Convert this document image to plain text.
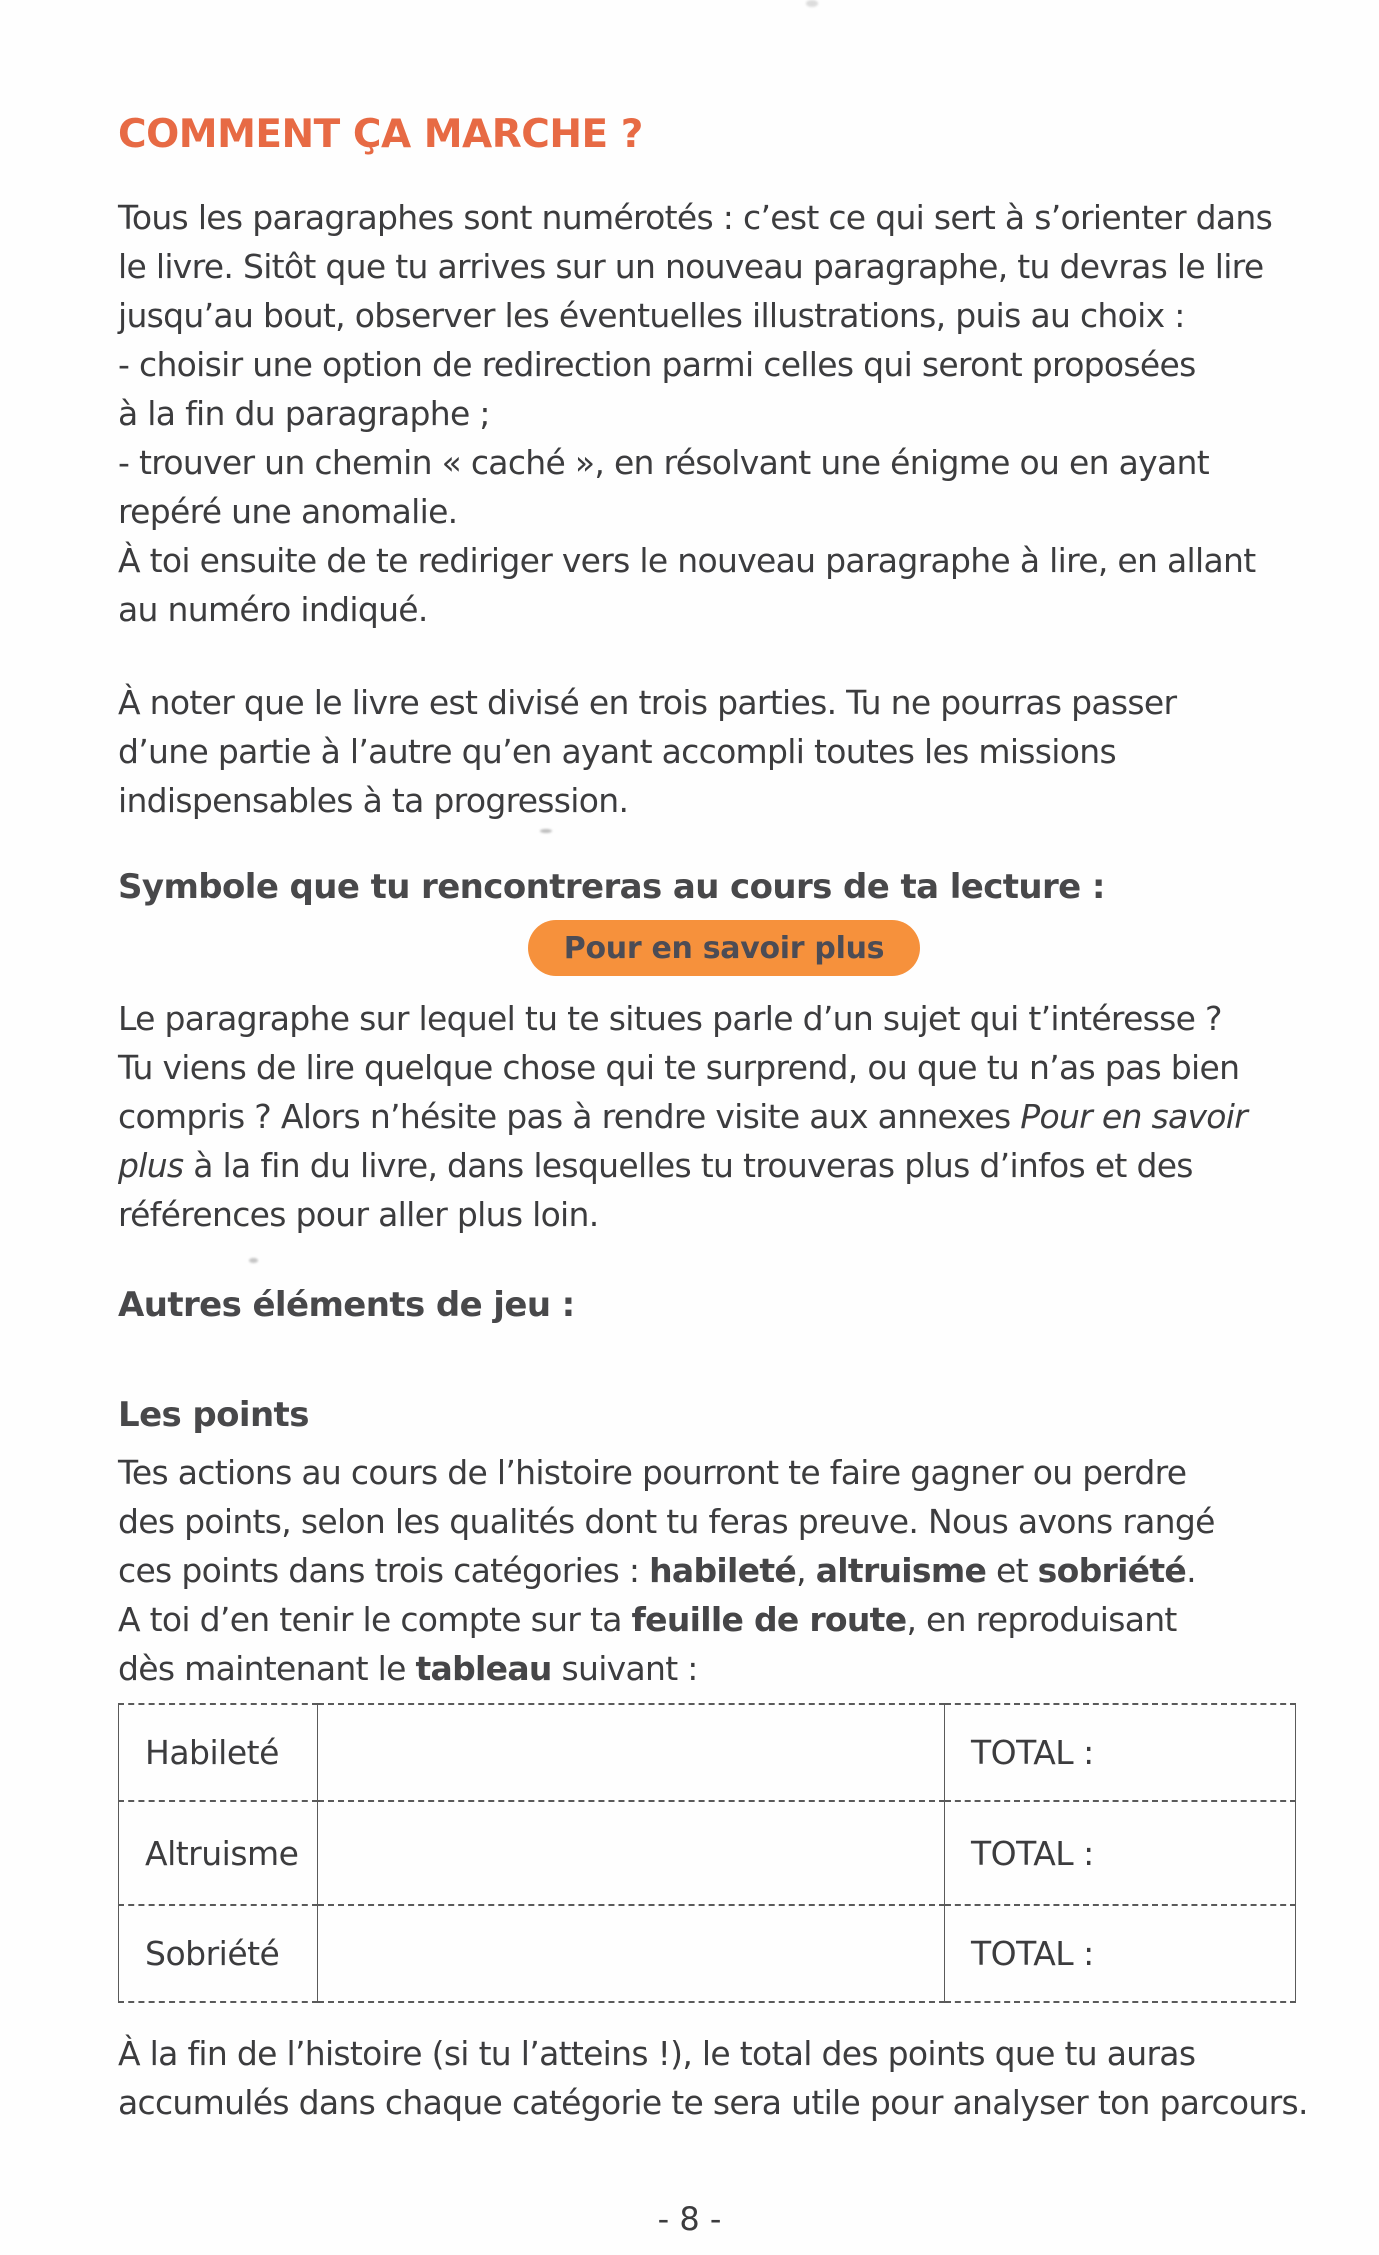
COMMENT ÇA MARCHE ?
Tous les paragraphes sont numérotés : c’est ce qui sert à s’orienter dans
le livre. Sitôt que tu arrives sur un nouveau paragraphe, tu devras le lire
jusqu’au bout, observer les éventuelles illustrations, puis au choix :
- choisir une option de redirection parmi celles qui seront proposées
à la fin du paragraphe ;
- trouver un chemin « caché », en résolvant une énigme ou en ayant
repéré une anomalie.
À toi ensuite de te rediriger vers le nouveau paragraphe à lire, en allant
au numéro indiqué.
À noter que le livre est divisé en trois parties. Tu ne pourras passer
d’une partie à l’autre qu’en ayant accompli toutes les missions
indispensables à ta progression.
Symbole que tu rencontreras au cours de ta lecture :
Pour en savoir plus
Le paragraphe sur lequel tu te situes parle d’un sujet qui t’intéresse ?
Tu viens de lire quelque chose qui te surprend, ou que tu n’as pas bien
compris ? Alors n’hésite pas à rendre visite aux annexes Pour en savoir
plus à la fin du livre, dans lesquelles tu trouveras plus d’infos et des
références pour aller plus loin.
Autres éléments de jeu :
Les points
Tes actions au cours de l’histoire pourront te faire gagner ou perdre
des points, selon les qualités dont tu feras preuve. Nous avons rangé
ces points dans trois catégories : habileté, altruisme et sobriété.
A toi d’en tenir le compte sur ta feuille de route, en reproduisant
dès maintenant le tableau suivant :
Habileté		TOTAL :
Altruisme		TOTAL :
Sobriété		TOTAL :
À la fin de l’histoire (si tu l’atteins !), le total des points que tu auras
accumulés dans chaque catégorie te sera utile pour analyser ton parcours.
- 8 -
